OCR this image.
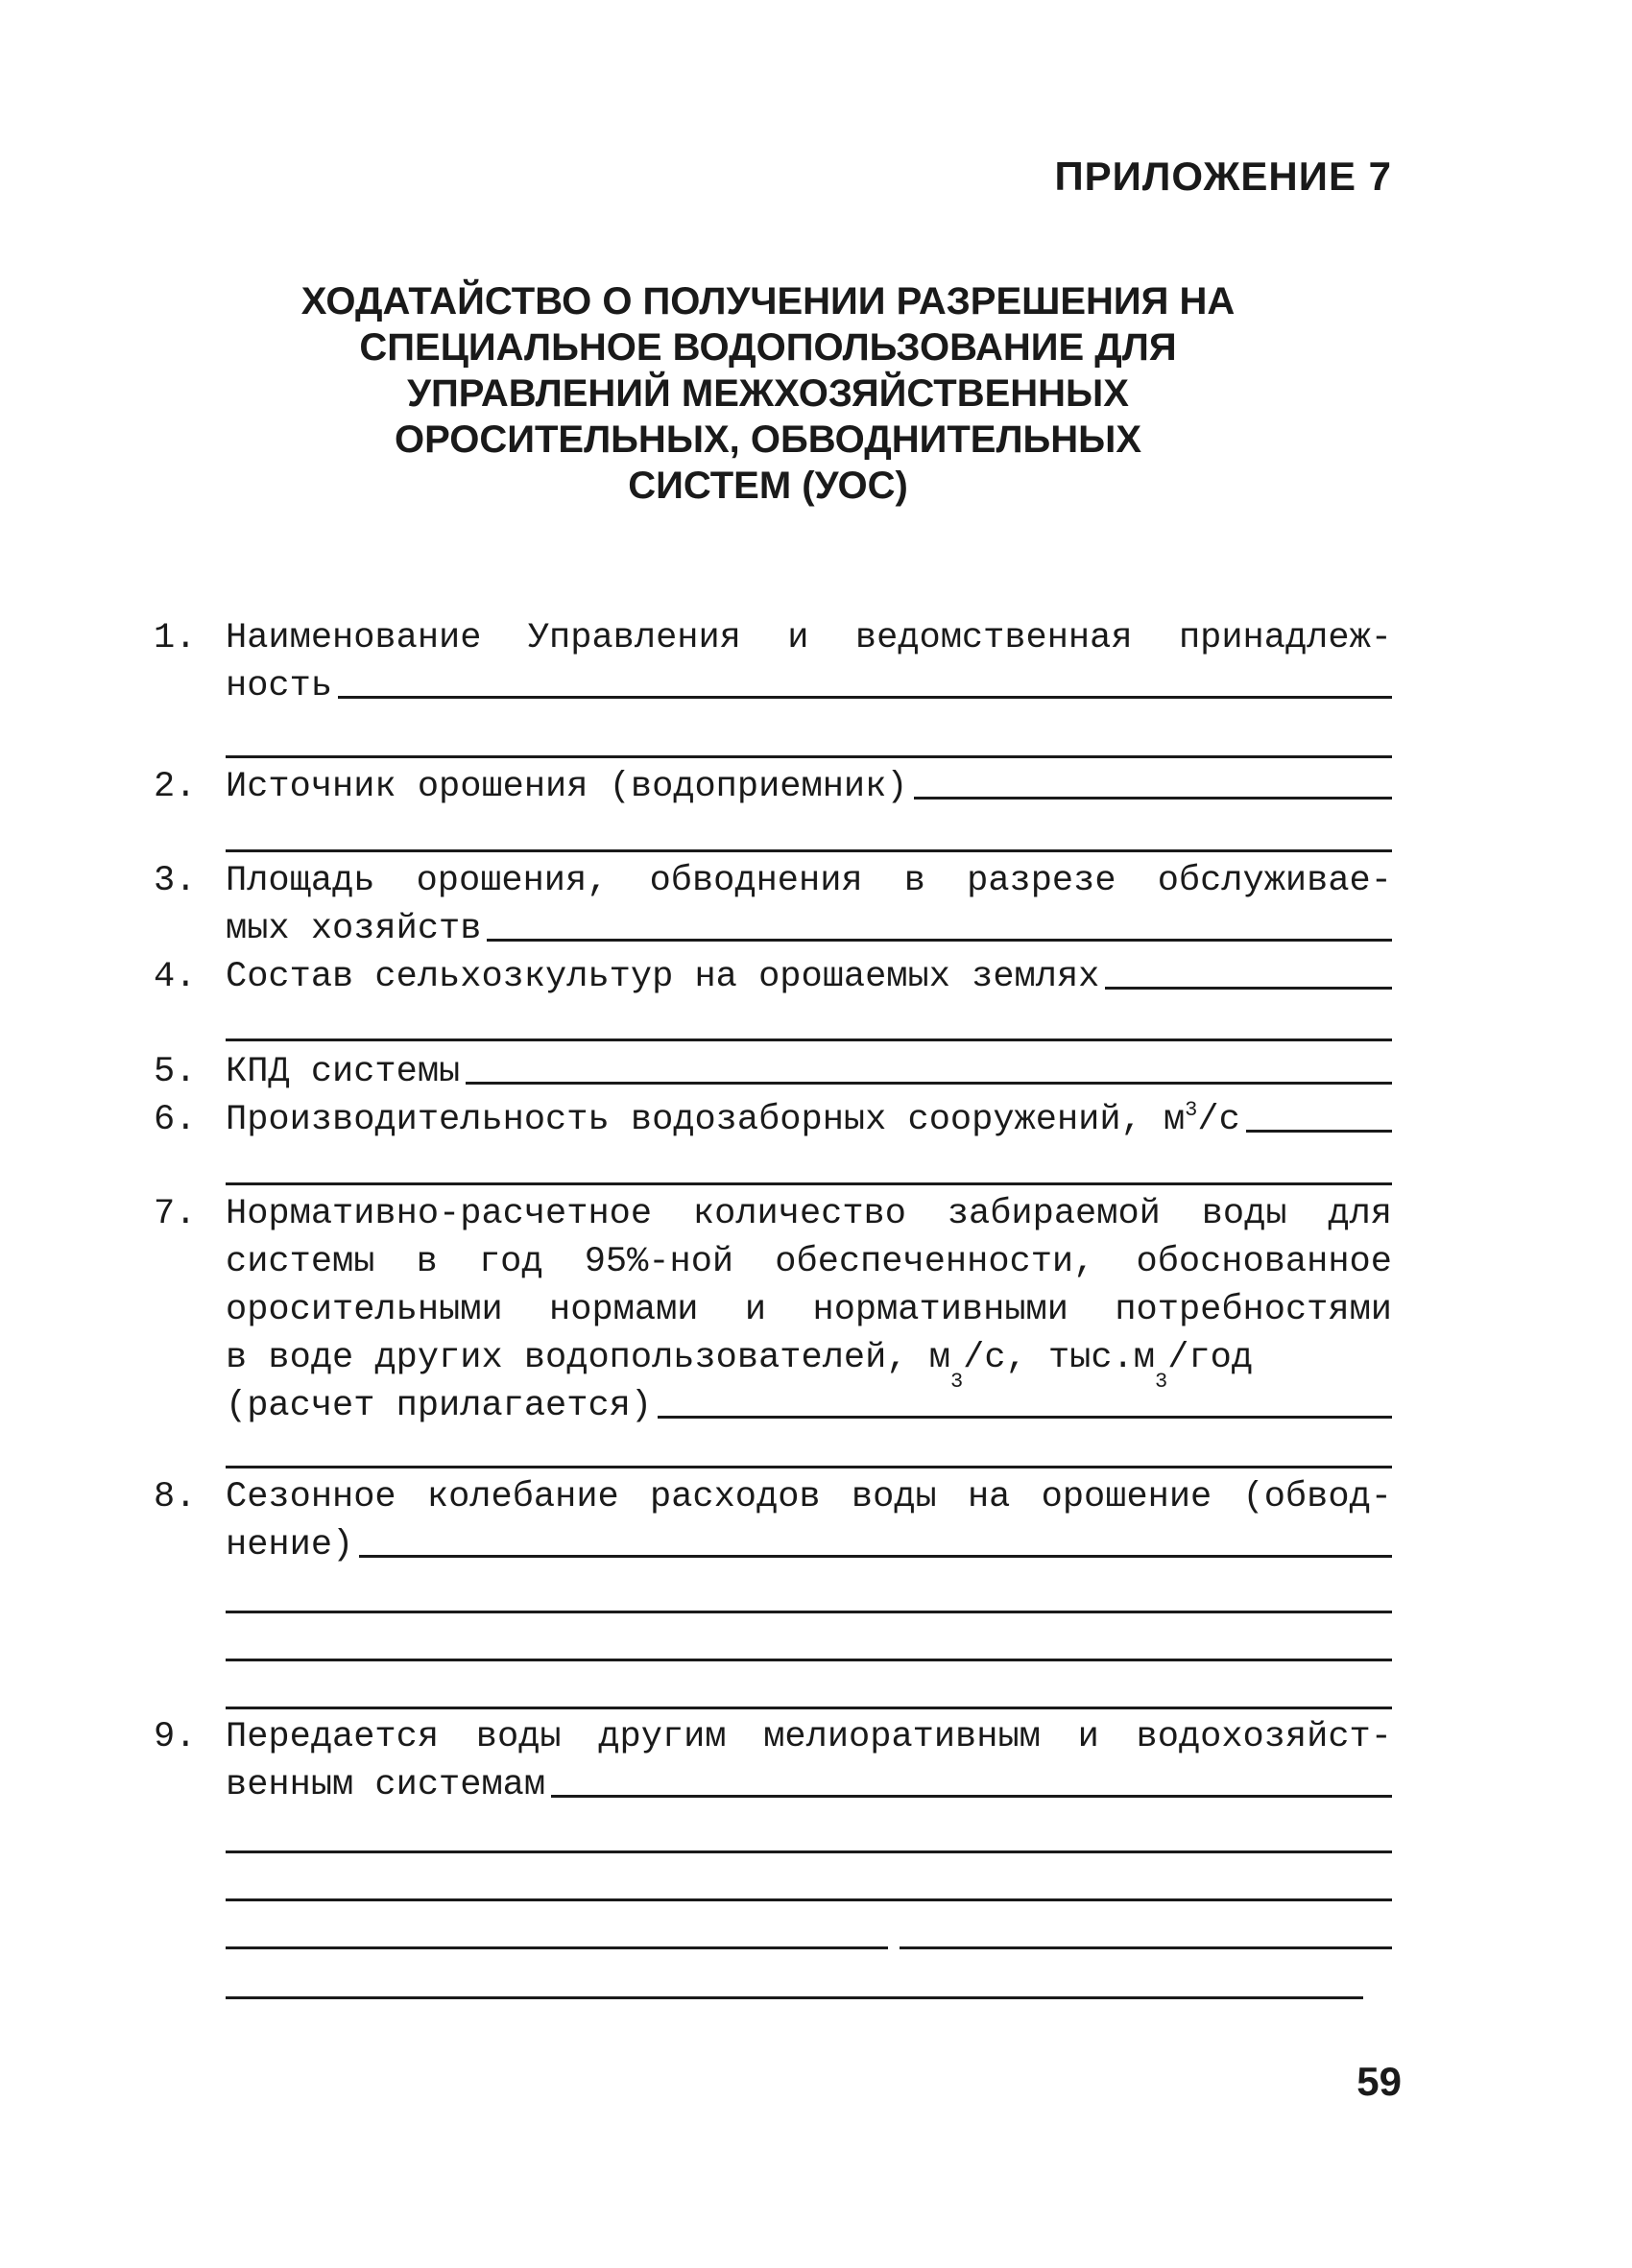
ПРИЛОЖЕНИЕ 7
ХОДАТАЙСТВО О ПОЛУЧЕНИИ РАЗРЕШЕНИЯ НА
СПЕЦИАЛЬНОЕ ВОДОПОЛЬЗОВАНИЕ ДЛЯ
УПРАВЛЕНИЙ МЕЖХОЗЯЙСТВЕННЫХ
ОРОСИТЕЛЬНЫХ, ОБВОДНИТЕЛЬНЫХ
СИСТЕМ (УОС)
1. Наименование Управления и ведомственная принадлеж-
ность
2. Источник орошения (водоприемник)
3. Площадь орошения, обводнения в разрезе обслуживае-
мых хозяйств
4. Состав сельхозкультур на орошаемых землях
5. КПД системы
6. Производительность водозаборных сооружений, $м^3/с$
7. Нормативно-расчетное количество забираемой воды для
системы в год 95%-ной обеспеченности, обоснованное
оросительными нормами и нормативными потребностями
в воде других водопользователей, м
3
/с, тыс.м
3
/год
(расчет прилагается)
8. Сезонное колебание расходов воды на орошение (обвод-
нение)
9. Передается воды другим мелиоративным и водохозяйст-
венным системам
59
